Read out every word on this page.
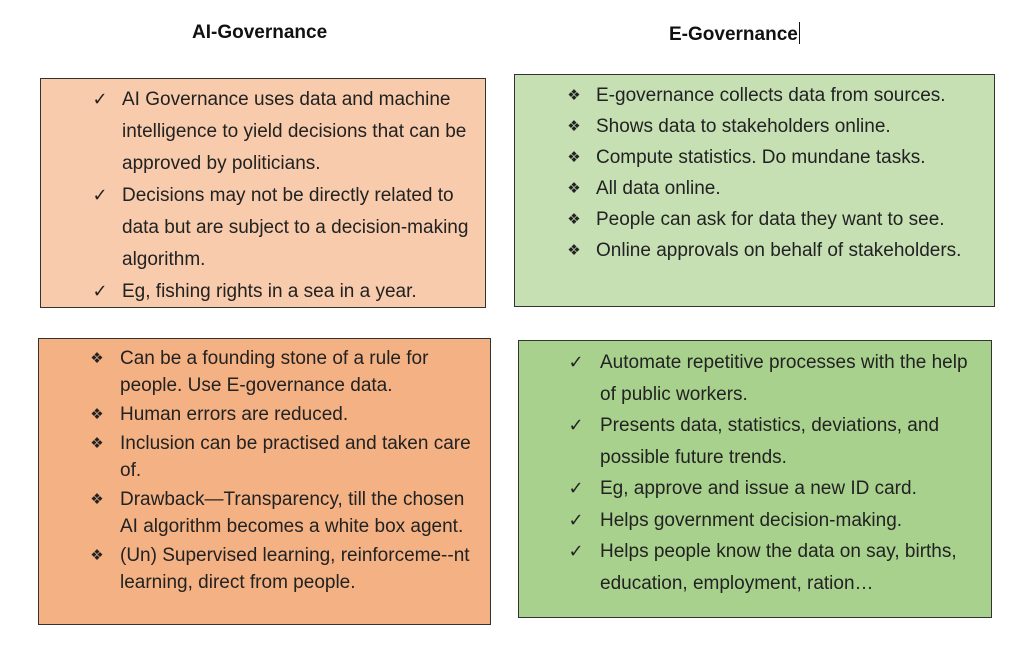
AI-Governance	E-Governance
✓ AI Governance uses data and machine intelligence to yield decisions that can be approved by politicians.
✓ Decisions may not be directly related to data but are subject to a decision-making algorithm.
✓ Eg, fishing rights in a sea in a year.
❖ E-governance collects data from sources.
❖ Shows data to stakeholders online.
❖ Compute statistics. Do mundane tasks.
❖ All data online.
❖ People can ask for data they want to see.
❖ Online approvals on behalf of stakeholders.
❖ Can be a founding stone of a rule for people. Use E-governance data.
❖ Human errors are reduced.
❖ Inclusion can be practised and taken care of.
❖ Drawback—Transparency, till the chosen AI algorithm becomes a white box agent.
❖ (Un) Supervised learning, reinforceme--nt learning, direct from people.
✓ Automate repetitive processes with the help of public workers.
✓ Presents data, statistics, deviations, and possible future trends.
✓ Eg, approve and issue a new ID card.
✓ Helps government decision-making.
✓ Helps people know the data on say, births, education, employment, ration…
